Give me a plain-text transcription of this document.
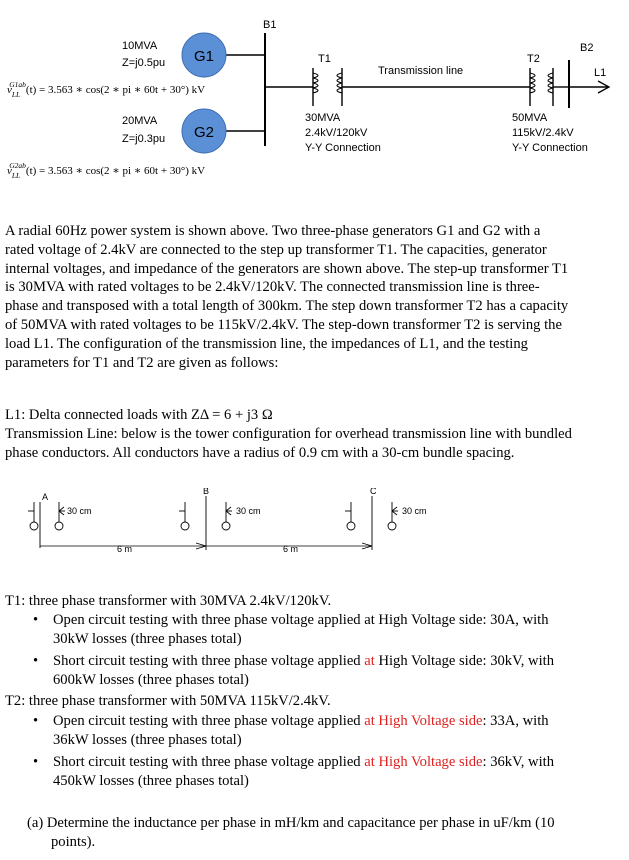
B1
G1
10MVA
Z=j0.5pu
G2
20MVA
Z=j0.3pu
T1
Transmission line
T2
B2
L1
30MVA
2.4kV/120kV
Y-Y Connection
50MVA
115kV/2.4kV
Y-Y Connection
$v_{LL}G1ab(t) = 3.563$ ∗ cos(2 ∗ pi ∗ 60t + 30°) kV
$v_{LL}G2ab(t) = 3.563$ ∗ cos(2 ∗ pi ∗ 60t + 30°) kV
A radial 60Hz power system is shown above. Two three-phase generators G1 and G2 with a
rated voltage of 2.4kV are connected to the step up transformer T1. The capacities, generator
internal voltages, and impedance of the generators are shown above. The step-up transformer T1
is 30MVA with rated voltages to be 2.4kV/120kV. The connected transmission line is three-
phase and transposed with a total length of 300km. The step down transformer T2 has a capacity
of 50MVA with rated voltages to be 115kV/2.4kV. The step-down transformer T2 is serving the
load L1. The configuration of the transmission line, the impedances of L1, and the testing
parameters for T1 and T2 are given as follows:
L1: Delta connected loads with ZΔ = 6 + j3 Ω
Transmission Line: below is the tower configuration for overhead transmission line with bundled
phase conductors. All conductors have a radius of 0.9 cm with a 30-cm bundle spacing.
A
30 cm
6 m
B
30 cm
6 m
C
30 cm
T1: three phase transformer with 30MVA 2.4kV/120kV.
• Open circuit testing with three phase voltage applied at High Voltage side: 30A, with
30kW losses (three phases total)
• Short circuit testing with three phase voltage applied at High Voltage side: 30kV, with
600kW losses (three phases total)
T2: three phase transformer with 50MVA 115kV/2.4kV.
• Open circuit testing with three phase voltage applied at High Voltage side: 33A, with
36kW losses (three phases total)
• Short circuit testing with three phase voltage applied at High Voltage side: 36kV, with
450kW losses (three phases total)
(a) Determine the inductance per phase in mH/km and capacitance per phase in uF/km (10
points).
